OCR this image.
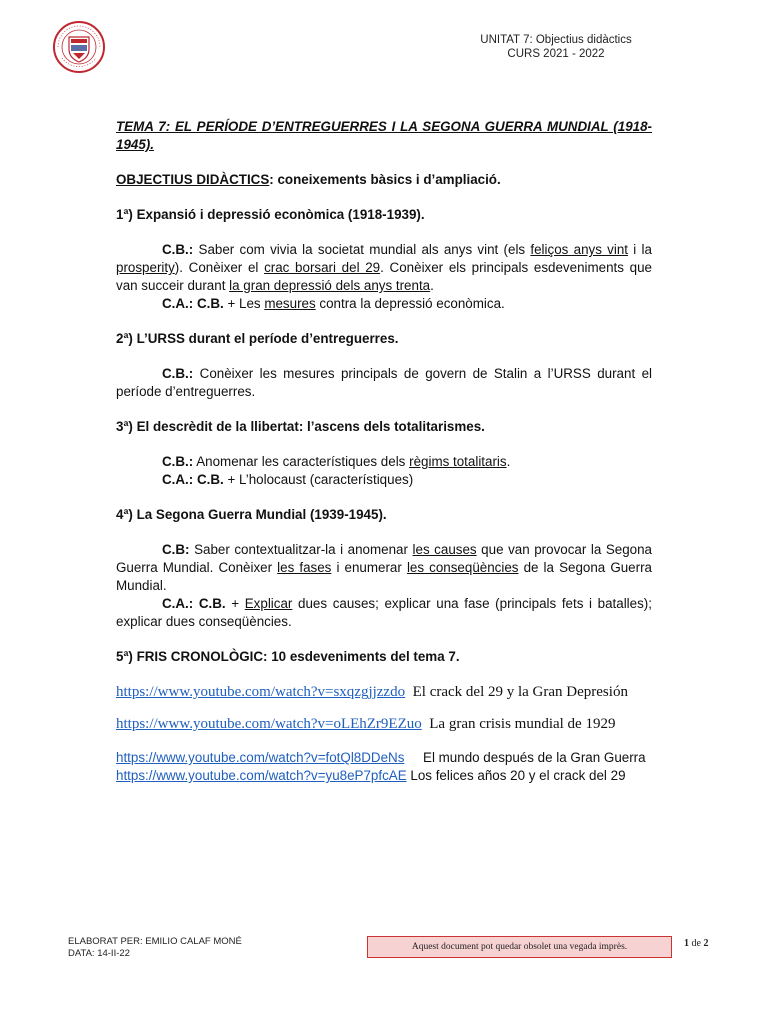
UNITAT 7: Objectius didàctics
CURS 2021 - 2022

TEMA 7: EL PERÍODE D’ENTREGUERRES I LA SEGONA GUERRA MUNDIAL (1918-1945).

OBJECTIUS DIDÀCTICS: coneixements bàsics i d’ampliació.

1ª) Expansió i depressió econòmica (1918-1939).

C.B.: Saber com vivia la societat mundial als anys vint (els feliços anys vint i la prosperity). Conèixer el crac borsari del 29. Conèixer els principals esdeveniments que van succeir durant la gran depressió dels anys trenta.

C.A.: C.B. + Les mesures contra la depressió econòmica.

2ª) L’URSS durant el període d’entreguerres.

C.B.: Conèixer les mesures principals de govern de Stalin a l’URSS durant el període d’entreguerres.

3ª) El descrèdit de la llibertat: l’ascens dels totalitarismes.

C.B.: Anomenar les característiques dels règims totalitaris.

C.A.: C.B. + L’holocaust (característiques)

4ª) La Segona Guerra Mundial (1939-1945).

C.B: Saber contextualitzar-la i anomenar les causes que van provocar la Segona Guerra Mundial. Conèixer les fases i enumerar les conseqüències de la Segona Guerra Mundial.

C.A.: C.B. + Explicar dues causes; explicar una fase (principals fets i batalles); explicar dues conseqüències.

5ª) FRIS CRONOLÒGIC: 10 esdeveniments del tema 7.

https://www.youtube.com/watch?v=sxqzgjjzzdo El crack del 29 y la Gran Depresión

https://www.youtube.com/watch?v=oLEhZr9EZuo La gran crisis mundial de 1929

https://www.youtube.com/watch?v=fotQl8DDeNs El mundo después de la Gran Guerra

https://www.youtube.com/watch?v=yu8eP7pfcAE Los felices años 20 y el crack del 29

ELABORAT PER: EMILIO CALAF MONÉ
DATA: 14-II-22
Aquest document pot quedar obsolet una vegada imprès.	1 de 2
